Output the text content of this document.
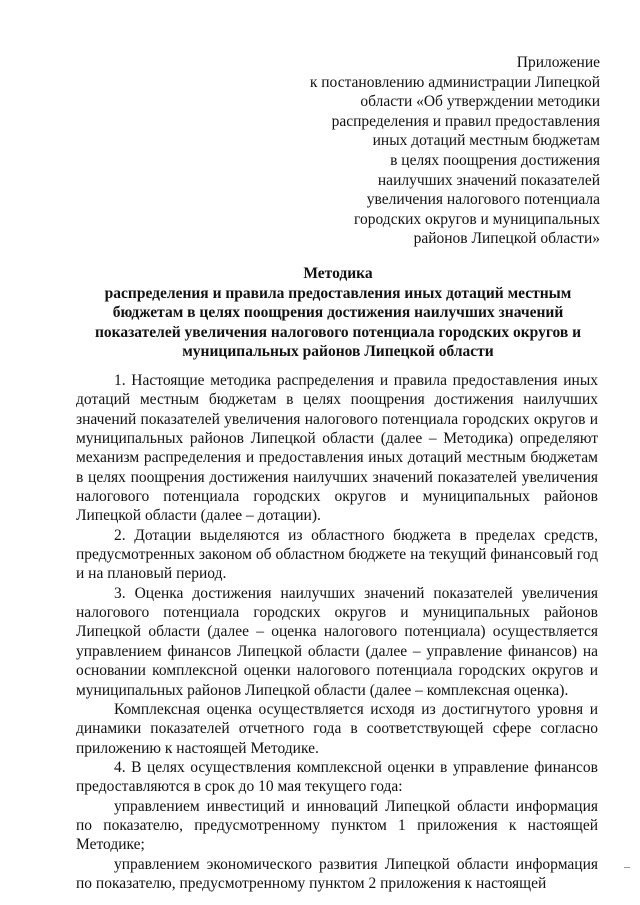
Приложение
к постановлению администрации Липецкой
области «Об утверждении методики
распределения и правил предоставления
иных дотаций местным бюджетам
в целях поощрения достижения
наилучших значений показателей
увеличения налогового потенциала
городских округов и муниципальных
районов Липецкой области»
Методика
распределения и правила предоставления иных дотаций местным
бюджетам в целях поощрения достижения наилучших значений
показателей увеличения налогового потенциала городских округов и
муниципальных районов Липецкой области

1. Настоящие методика распределения и правила предоставления иных дотаций местным бюджетам в целях поощрения достижения наилучших значений показателей увеличения налогового потенциала городских округов и муниципальных районов Липецкой области (далее – Методика) определяют механизм распределения и предоставления иных дотаций местным бюджетам в целях поощрения достижения наилучших значений показателей увеличения налогового потенциала городских округов и муниципальных районов Липецкой области (далее – дотации).

2. Дотации выделяются из областного бюджета в пределах средств, предусмотренных законом об областном бюджете на текущий финансовый год и на плановый период.

3. Оценка достижения наилучших значений показателей увеличения налогового потенциала городских округов и муниципальных районов Липецкой области (далее – оценка налогового потенциала) осуществляется управлением финансов Липецкой области (далее – управление финансов) на основании комплексной оценки налогового потенциала городских округов и муниципальных районов Липецкой области (далее – комплексная оценка).

Комплексная оценка осуществляется исходя из достигнутого уровня и динамики показателей отчетного года в соответствующей сфере согласно приложению к настоящей Методике.

4. В целях осуществления комплексной оценки в управление финансов предоставляются в срок до 10 мая текущего года:

управлением инвестиций и инноваций Липецкой области информация по показателю, предусмотренному пунктом 1 приложения к настоящей Методике;

управлением экономического развития Липецкой области информация по показателю, предусмотренному пунктом 2 приложения к настоящей
